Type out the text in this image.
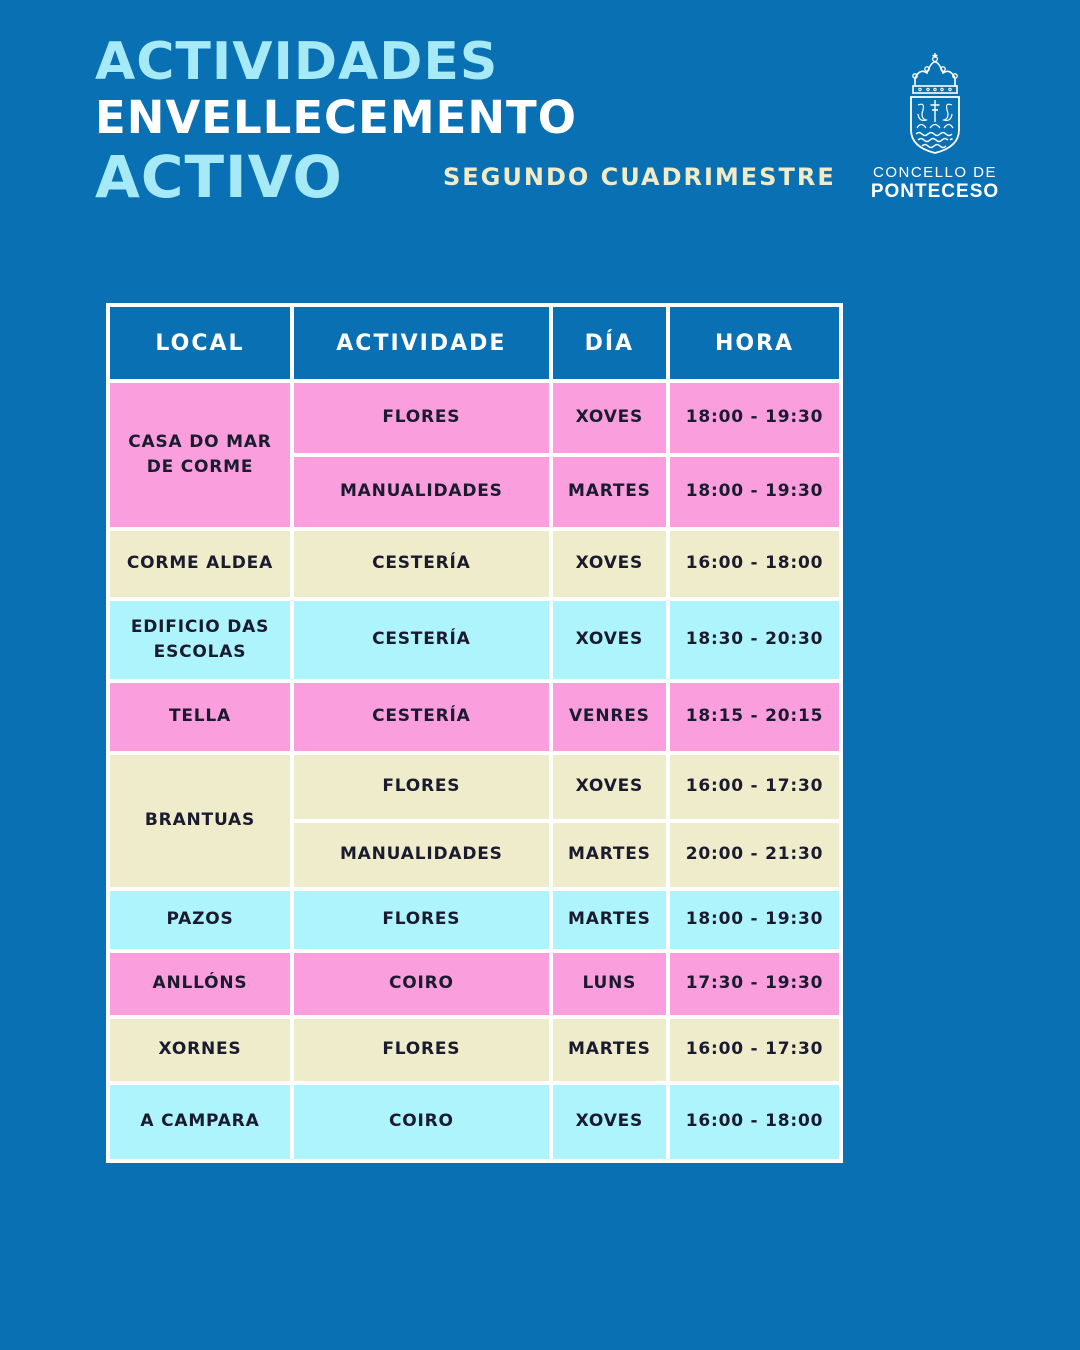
ACTIVIDADES
ENVELLECEMENTO
ACTIVO	SEGUNDO CUADRIMESTRE	CONCELLO DE
PONTECESO
LOCAL	ACTIVIDADE	DÍA	HORA
CASA DO MAR DE CORME	FLORES	XOVES	18:00 - 19:30
	MANUALIDADES	MARTES	18:00 - 19:30
CORME ALDEA	CESTERÍA	XOVES	16:00 - 18:00
EDIFICIO DAS ESCOLAS	CESTERÍA	XOVES	18:30 - 20:30
TELLA	CESTERÍA	VENRES	18:15 - 20:15
BRANTUAS	FLORES	XOVES	16:00 - 17:30
	MANUALIDADES	MARTES	20:00 - 21:30
PAZOS	FLORES	MARTES	18:00 - 19:30
ANLLÓNS	COIRO	LUNS	17:30 - 19:30
XORNES	FLORES	MARTES	16:00 - 17:30
A CAMPARA	COIRO	XOVES	16:00 - 18:00
